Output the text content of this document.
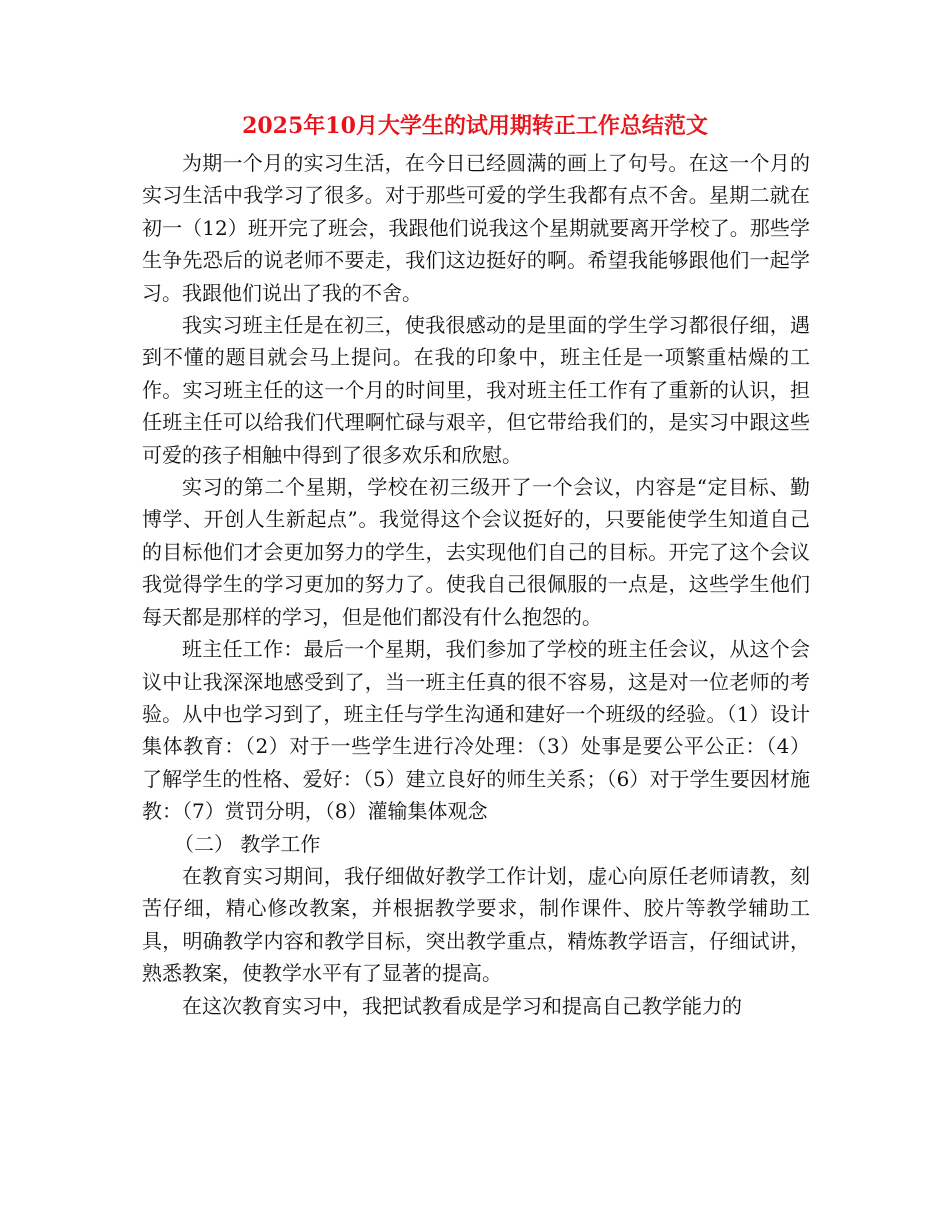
2025年10月大学生的试用期转正工作总结范文

为期一个月的实习生活，在今日已经圆满的画上了句号。在这一个月的实习生活中我学习了很多。对于那些可爱的学生我都有点不舍。星期二就在初一（12）班开完了班会，我跟他们说我这个星期就要离开学校了。那些学生争先恐后的说老师不要走，我们这边挺好的啊。希望我能够跟他们一起学习。我跟他们说出了我的不舍。

我实习班主任是在初三，使我很感动的是里面的学生学习都很仔细，遇到不懂的题目就会马上提问。在我的印象中，班主任是一项繁重枯燥的工作。实习班主任的这一个月的时间里，我对班主任工作有了重新的认识，担任班主任可以给我们代理啊忙碌与艰辛，但它带给我们的，是实习中跟这些可爱的孩子相触中得到了很多欢乐和欣慰。

实习的第二个星期，学校在初三级开了一个会议，内容是“定目标、勤博学、开创人生新起点”。我觉得这个会议挺好的，只要能使学生知道自己的目标他们才会更加努力的学生，去实现他们自己的目标。开完了这个会议我觉得学生的学习更加的努力了。使我自己很佩服的一点是，这些学生他们每天都是那样的学习，但是他们都没有什么抱怨的。

班主任工作：最后一个星期，我们参加了学校的班主任会议，从这个会议中让我深深地感受到了，当一班主任真的很不容易，这是对一位老师的考验。从中也学习到了，班主任与学生沟通和建好一个班级的经验。（1）设计集体教育：（2）对于一些学生进行冷处理：（3）处事是要公平公正：（4）了解学生的性格、爱好：（5）建立良好的师生关系；（6）对于学生要因材施教：（7）赏罚分明，（8）灌输集体观念

（二） 教学工作

在教育实习期间，我仔细做好教学工作计划，虚心向原任老师请教，刻苦仔细，精心修改教案，并根据教学要求，制作课件、胶片等教学辅助工具，明确教学内容和教学目标，突出教学重点，精炼教学语言，仔细试讲，熟悉教案，使教学水平有了显著的提高。

在这次教育实习中，我把试教看成是学习和提高自己教学能力的
